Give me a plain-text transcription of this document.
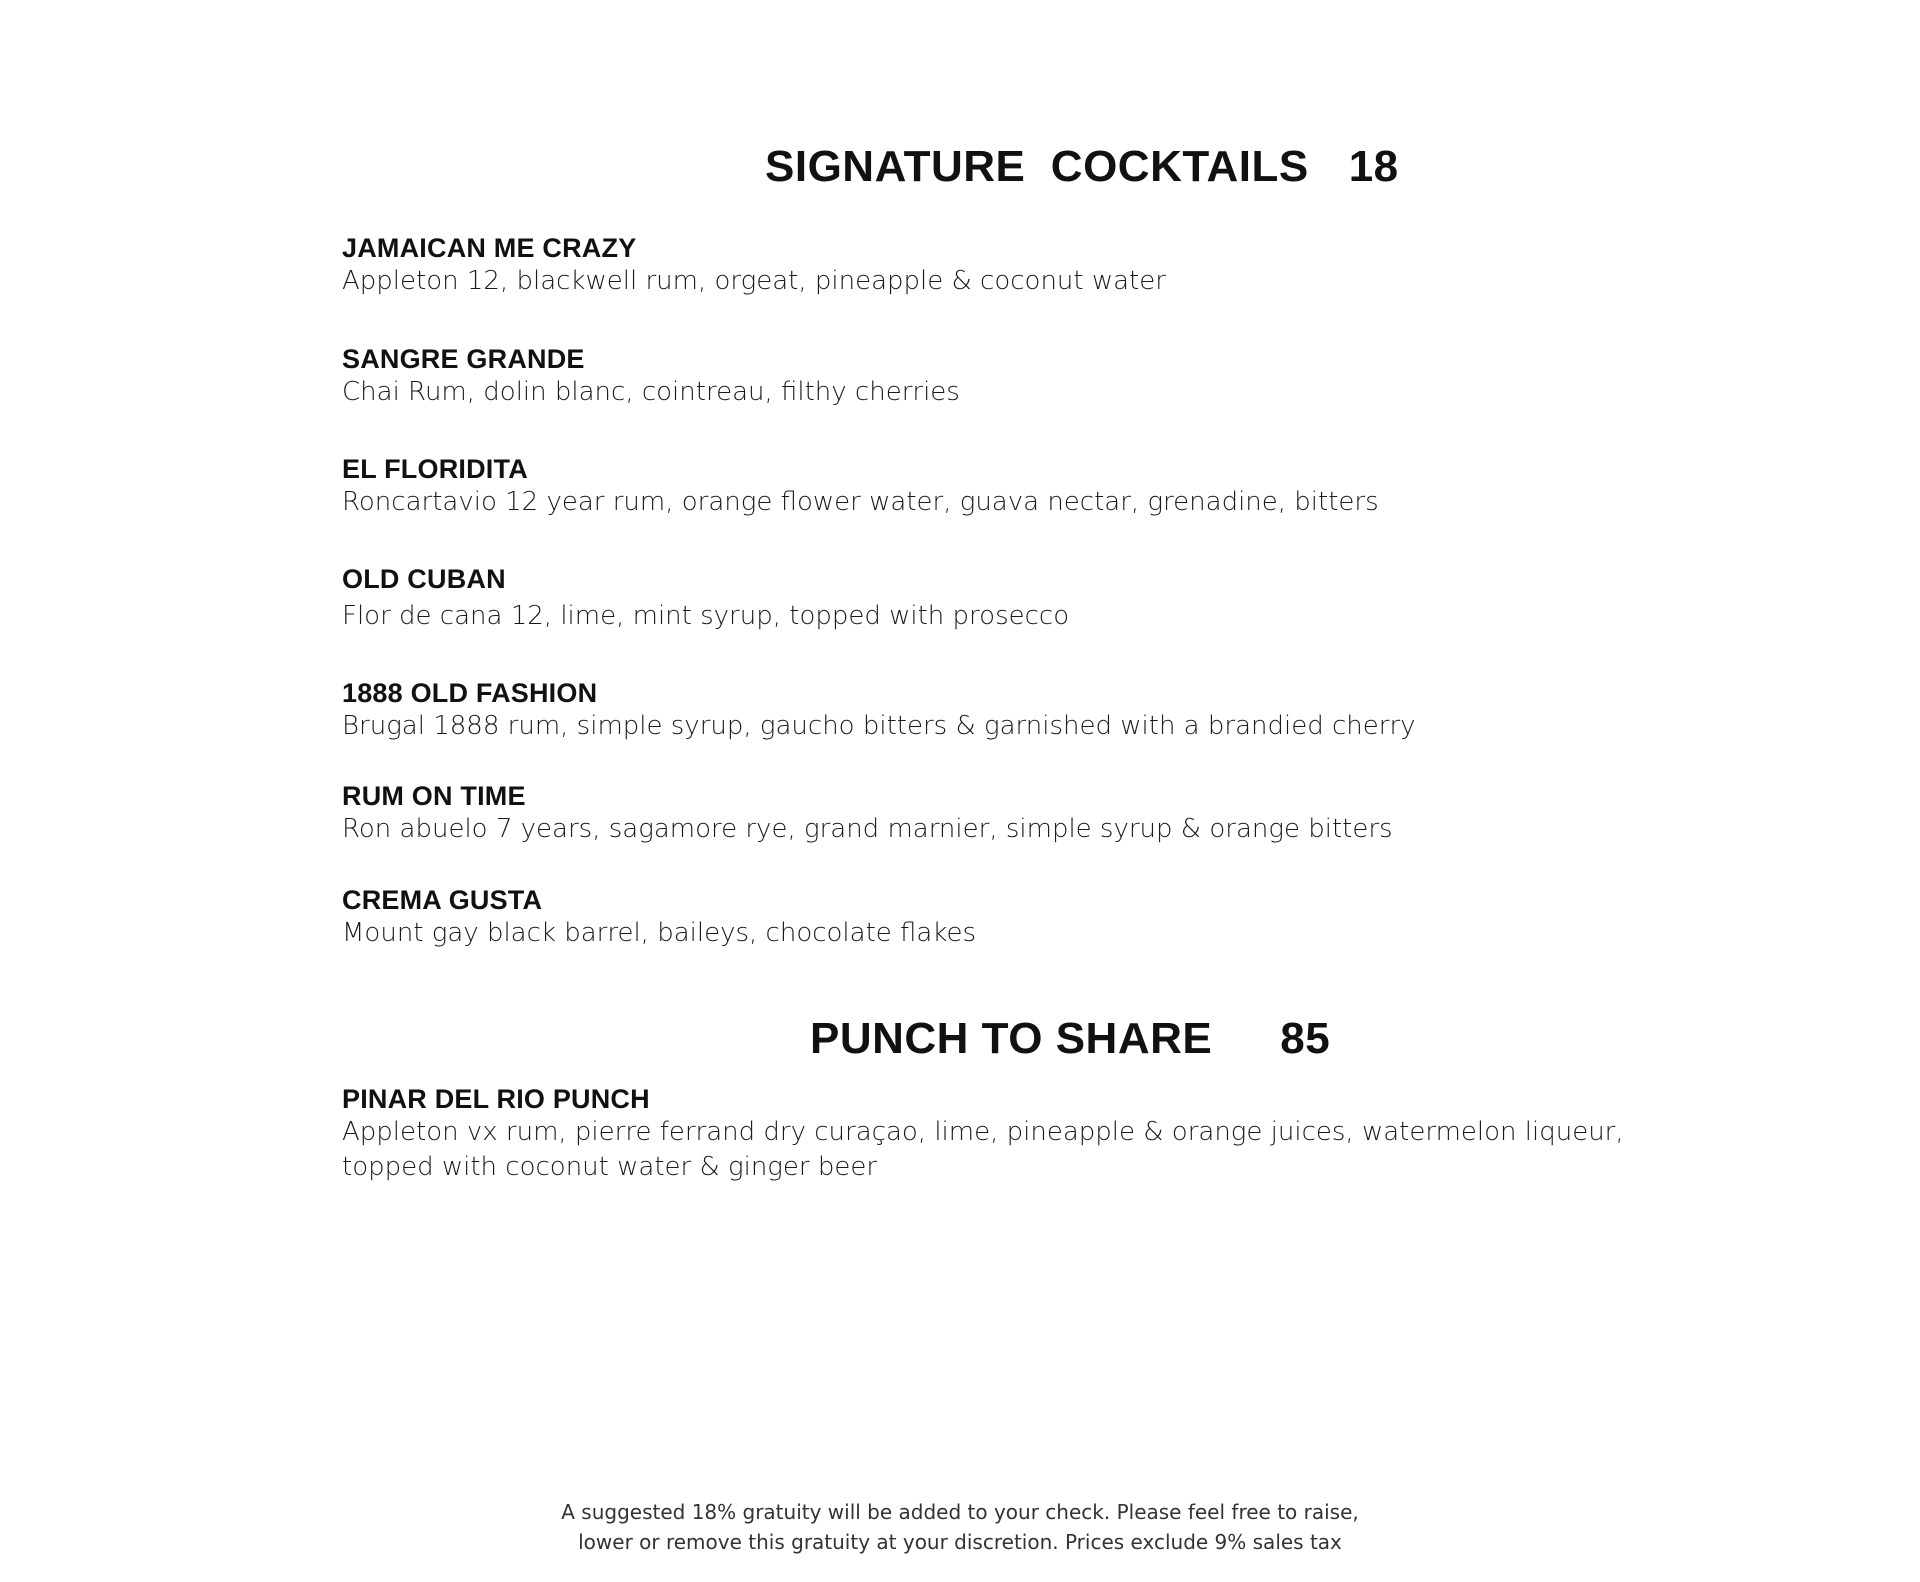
SIGNATURE  COCKTAILS 18
JAMAICAN ME CRAZY
Appleton 12, blackwell rum, orgeat, pineapple & coconut water
SANGRE GRANDE
Chai Rum, dolin blanc, cointreau, filthy cherries
EL FLORIDITA
Roncartavio 12 year rum, orange flower water, guava nectar, grenadine, bitters
OLD CUBAN
Flor de cana 12, lime, mint syrup, topped with prosecco
1888 OLD FASHION
Brugal 1888 rum, simple syrup, gaucho bitters & garnished with a brandied cherry
RUM ON TIME
Ron abuelo 7 years, sagamore rye, grand marnier, simple syrup & orange bitters
CREMA GUSTA
Mount gay black barrel, baileys, chocolate flakes
PUNCH TO SHARE 85
PINAR DEL RIO PUNCH
Appleton vx rum, pierre ferrand dry curaçao, lime, pineapple & orange juices, watermelon liqueur,
topped with coconut water & ginger beer
A suggested 18% gratuity will be added to your check. Please feel free to raise,
lower or remove this gratuity at your discretion. Prices exclude 9% sales tax
